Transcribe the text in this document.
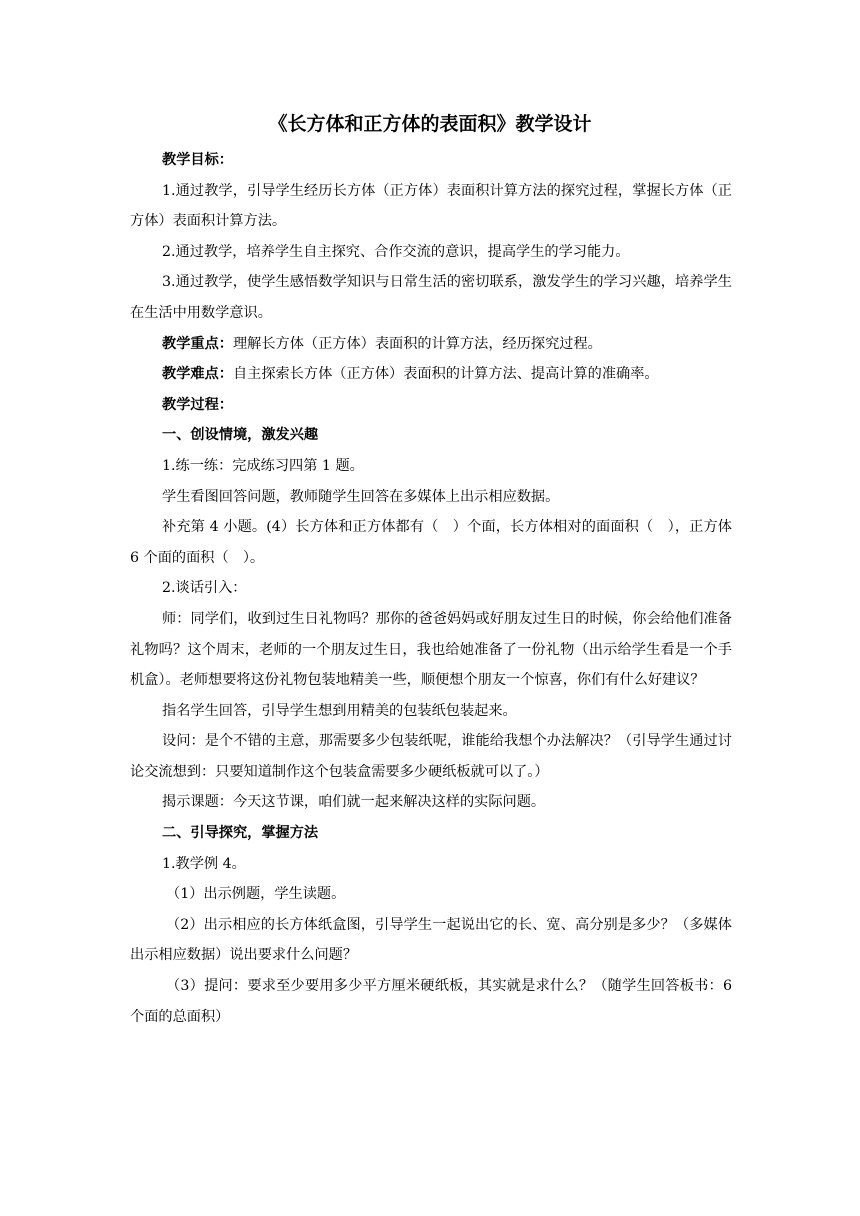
《长方体和正方体的表面积》教学设计

教学目标：

1.通过教学，引导学生经历长方体（正方体）表面积计算方法的探究过程，掌握长方体（正方体）表面积计算方法。

2.通过教学，培养学生自主探究、合作交流的意识，提高学生的学习能力。

3.通过教学，使学生感悟数学知识与日常生活的密切联系，激发学生的学习兴趣，培养学生在生活中用数学意识。

教学重点：理解长方体（正方体）表面积的计算方法，经历探究过程。

教学难点：自主探索长方体（正方体）表面积的计算方法、提高计算的准确率。

教学过程：

一、创设情境，激发兴趣

1.练一练：完成练习四第 1 题。

学生看图回答问题，教师随学生回答在多媒体上出示相应数据。

补充第 4 小题。(4）长方体和正方体都有（　）个面，长方体相对的面面积（　），正方体 6 个面的面积（　）。

2.谈话引入：

师：同学们，收到过生日礼物吗？那你的爸爸妈妈或好朋友过生日的时候，你会给他们准备礼物吗？这个周末，老师的一个朋友过生日，我也给她准备了一份礼物（出示给学生看是一个手机盒）。老师想要将这份礼物包装地精美一些，顺便想个朋友一个惊喜，你们有什么好建议？

指名学生回答，引导学生想到用精美的包装纸包装起来。

设问：是个不错的主意，那需要多少包装纸呢，谁能给我想个办法解决？（引导学生通过讨论交流想到：只要知道制作这个包装盒需要多少硬纸板就可以了。）

揭示课题：今天这节课，咱们就一起来解决这样的实际问题。

二、引导探究，掌握方法

1.教学例 4。

（1）出示例题，学生读题。

（2）出示相应的长方体纸盒图，引导学生一起说出它的长、宽、高分别是多少？（多媒体出示相应数据）说出要求什么问题？

（3）提问：要求至少要用多少平方厘米硬纸板，其实就是求什么？（随学生回答板书：6 个面的总面积）
